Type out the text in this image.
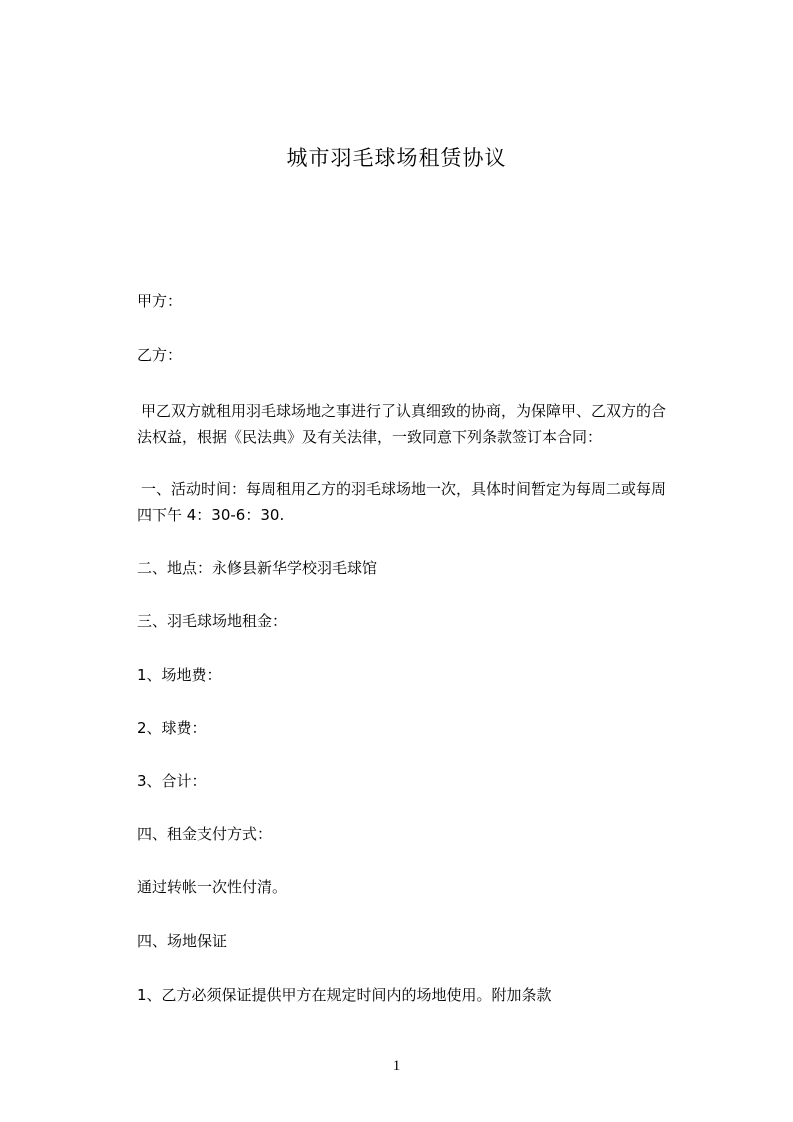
城市羽毛球场租赁协议
甲方：
乙方：
甲乙双方就租用羽毛球场地之事进行了认真细致的协商，为保障甲、乙双方的合
法权益，根据《民法典》及有关法律，一致同意下列条款签订本合同：
一、活动时间：每周租用乙方的羽毛球场地一次，具体时间暂定为每周二或每周
四下午 4：30-6：30.
二、地点：永修县新华学校羽毛球馆
三、羽毛球场地租金：
1、场地费：
2、球费：
3、合计：
四、租金支付方式：
通过转帐一次性付清。
四、场地保证
1、乙方必须保证提供甲方在规定时间内的场地使用。附加条款
1
